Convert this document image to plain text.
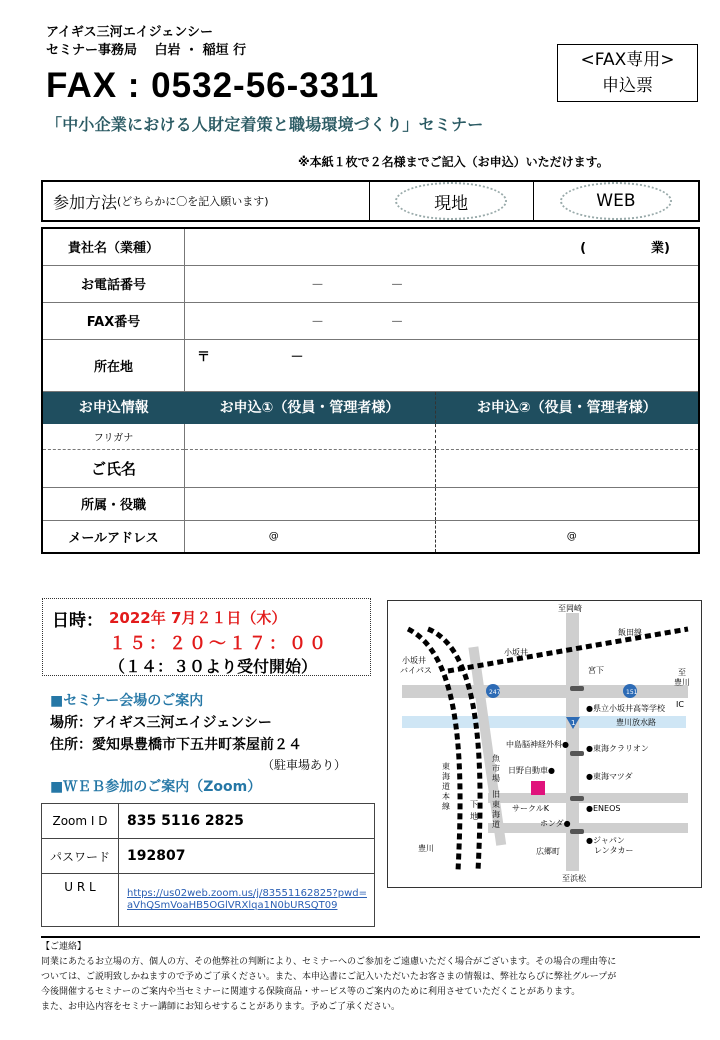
アイギス三河エイジェンシー
セミナー事務局　 白岩 ・ 稲垣 行
FAX : 0532-56-3311
<FAX専用>
申込票
「中小企業における人財定着策と職場環境づくり」セミナー
※本紙１枚で２名様までご記入（お申込）いただけます。
参加方法 (どちらかに〇を記入願います)	現地	WEB
貴社名（業種）	(　　　　　業)	
お電話番号	－ －	
FAX番号	－ －	
所在地	〒 －	
お申込情報	お申込①（役員・管理者様）	お申込②（役員・管理者様）
フリガナ		
ご氏名		
所属・役職		
メールアドレス	@	@
日時： 2022年 7月２１日（木）
１５：２０～１７：００
（１４：３０より受付開始）
■セミナー会場のご案内
場所：アイギス三河エイジェンシー
住所：愛知県豊橋市下五井町茶屋前２４
（駐車場あり）
■ＷＥＢ参加のご案内（Zoom）
Zoom I D	835 5116 2825
パスワード	192807
U R L	https://us02web.zoom.us/j/83551162825?pwd=aVhQSmVoaHB5OGlVRXlqa1N0bURSQT09
至岡崎
飯田線
小坂井
小坂井
バイパス	宮下
247	151
1
至
豊川
IC
●県立小坂井高等学校
豊川放水路
中島脳神経外科● ●東海クラリオン
魚
市
場
東
海
道
本
線
日野自動車●
●東海マツダ
旧
東
海
道
下
地
サークルK	●ENEOS
ホンダ●
豊川	広郷町
●ジャパン
レンタカー
至浜松
【ご連絡】
同業にあたるお立場の方、個人の方、その他弊社の判断により、セミナーへのご参加をご遠慮いただく場合がございます。その場合の理由等に
ついては、ご説明致しかねますので予めご了承ください。また、本申込書にご記入いただいたお客さまの情報は、弊社ならびに弊社グループが
今後開催するセミナーのご案内や当セミナーに関連する保険商品・サービス等のご案内のために利用させていただくことがあります。
また、お申込内容をセミナー講師にお知らせすることがあります。予めご了承ください。
